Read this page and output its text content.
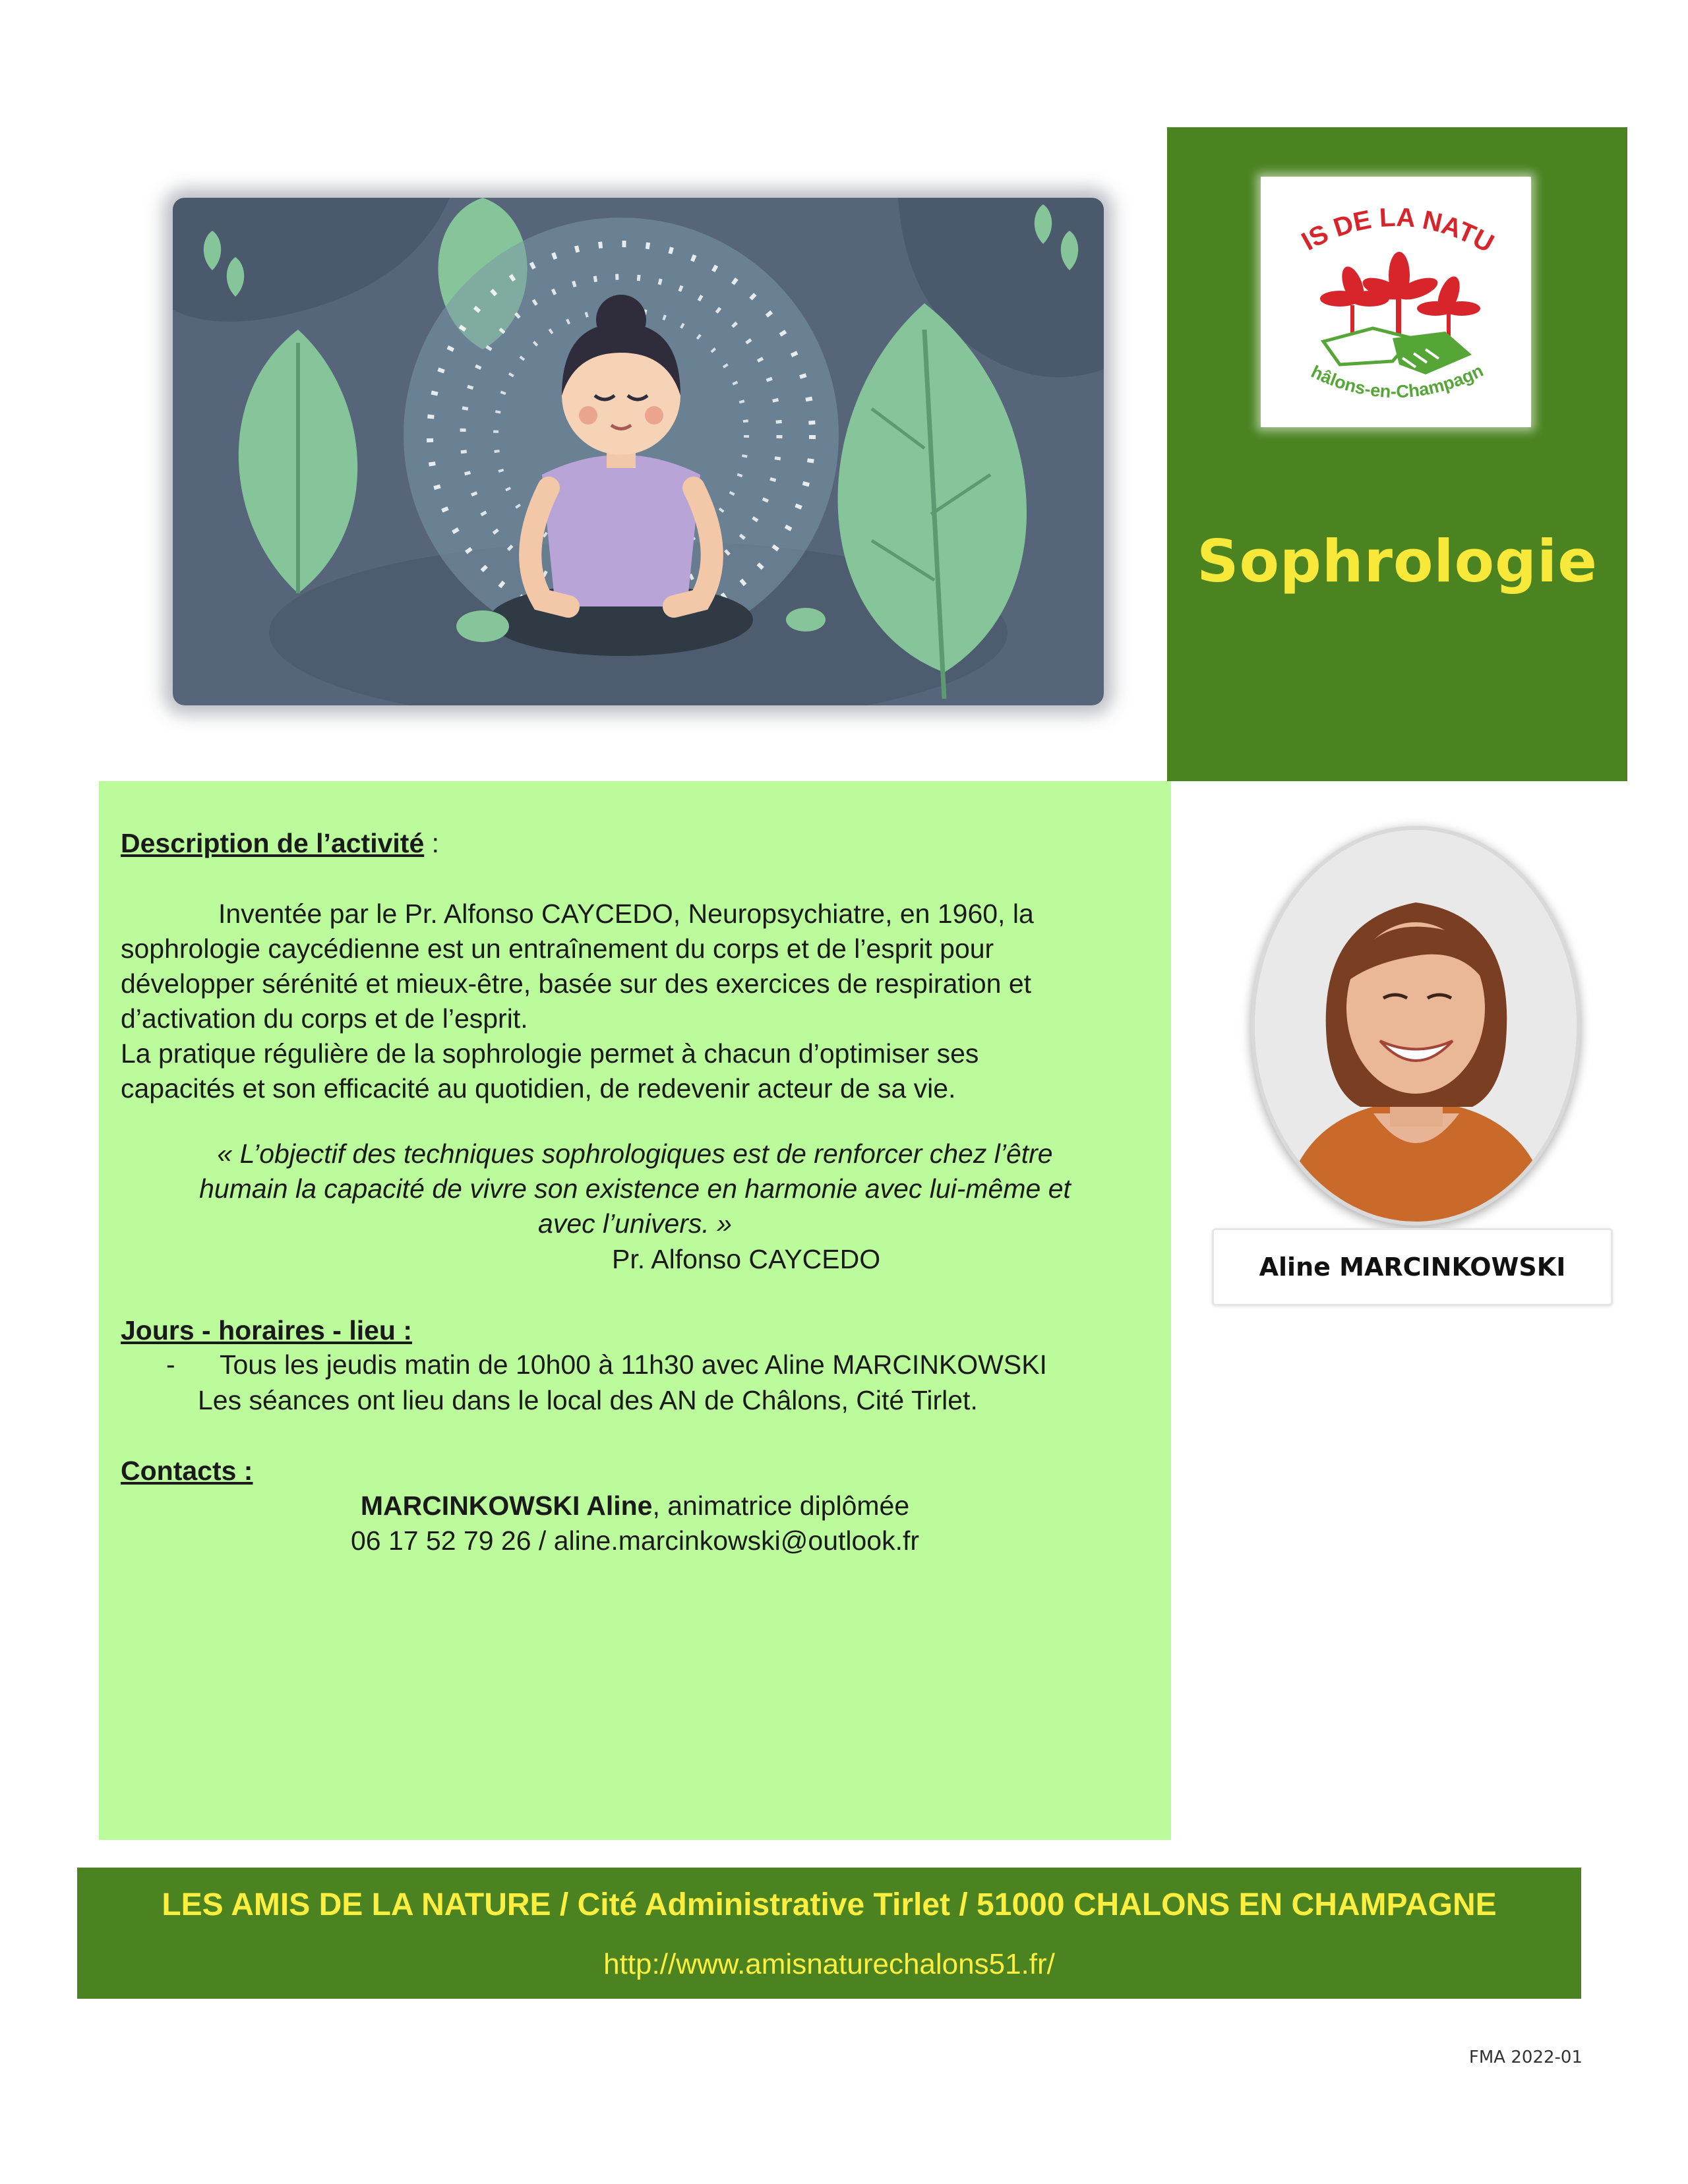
IS DE LA NATU
hâlons-en-Champagn
Sophrologie
Description de l’activité :
Inventée par le Pr. Alfonso CAYCEDO, Neuropsychiatre, en 1960, la
sophrologie caycédienne est un entraînement du corps et de l’esprit pour
développer sérénité et mieux-être, basée sur des exercices de respiration et
d’activation du corps et de l’esprit.
La pratique régulière de la sophrologie permet à chacun d’optimiser ses
capacités et son efficacité au quotidien, de redevenir acteur de sa vie.
« L’objectif des techniques sophrologiques est de renforcer chez l’être
humain la capacité de vivre son existence en harmonie avec lui-même et
avec l’univers. »
Pr. Alfonso CAYCEDO
Jours - horaires - lieu :
- Tous les jeudis matin de 10h00 à 11h30 avec Aline MARCINKOWSKI
Les séances ont lieu dans le local des AN de Châlons, Cité Tirlet.
Contacts :
MARCINKOWSKI Aline, animatrice diplômée
06 17 52 79 26 / aline.marcinkowski@outlook.fr
Aline MARCINKOWSKI
LES AMIS DE LA NATURE / Cité Administrative Tirlet / 51000 CHALONS EN CHAMPAGNE
http://www.amisnaturechalons51.fr/
FMA 2022-01
